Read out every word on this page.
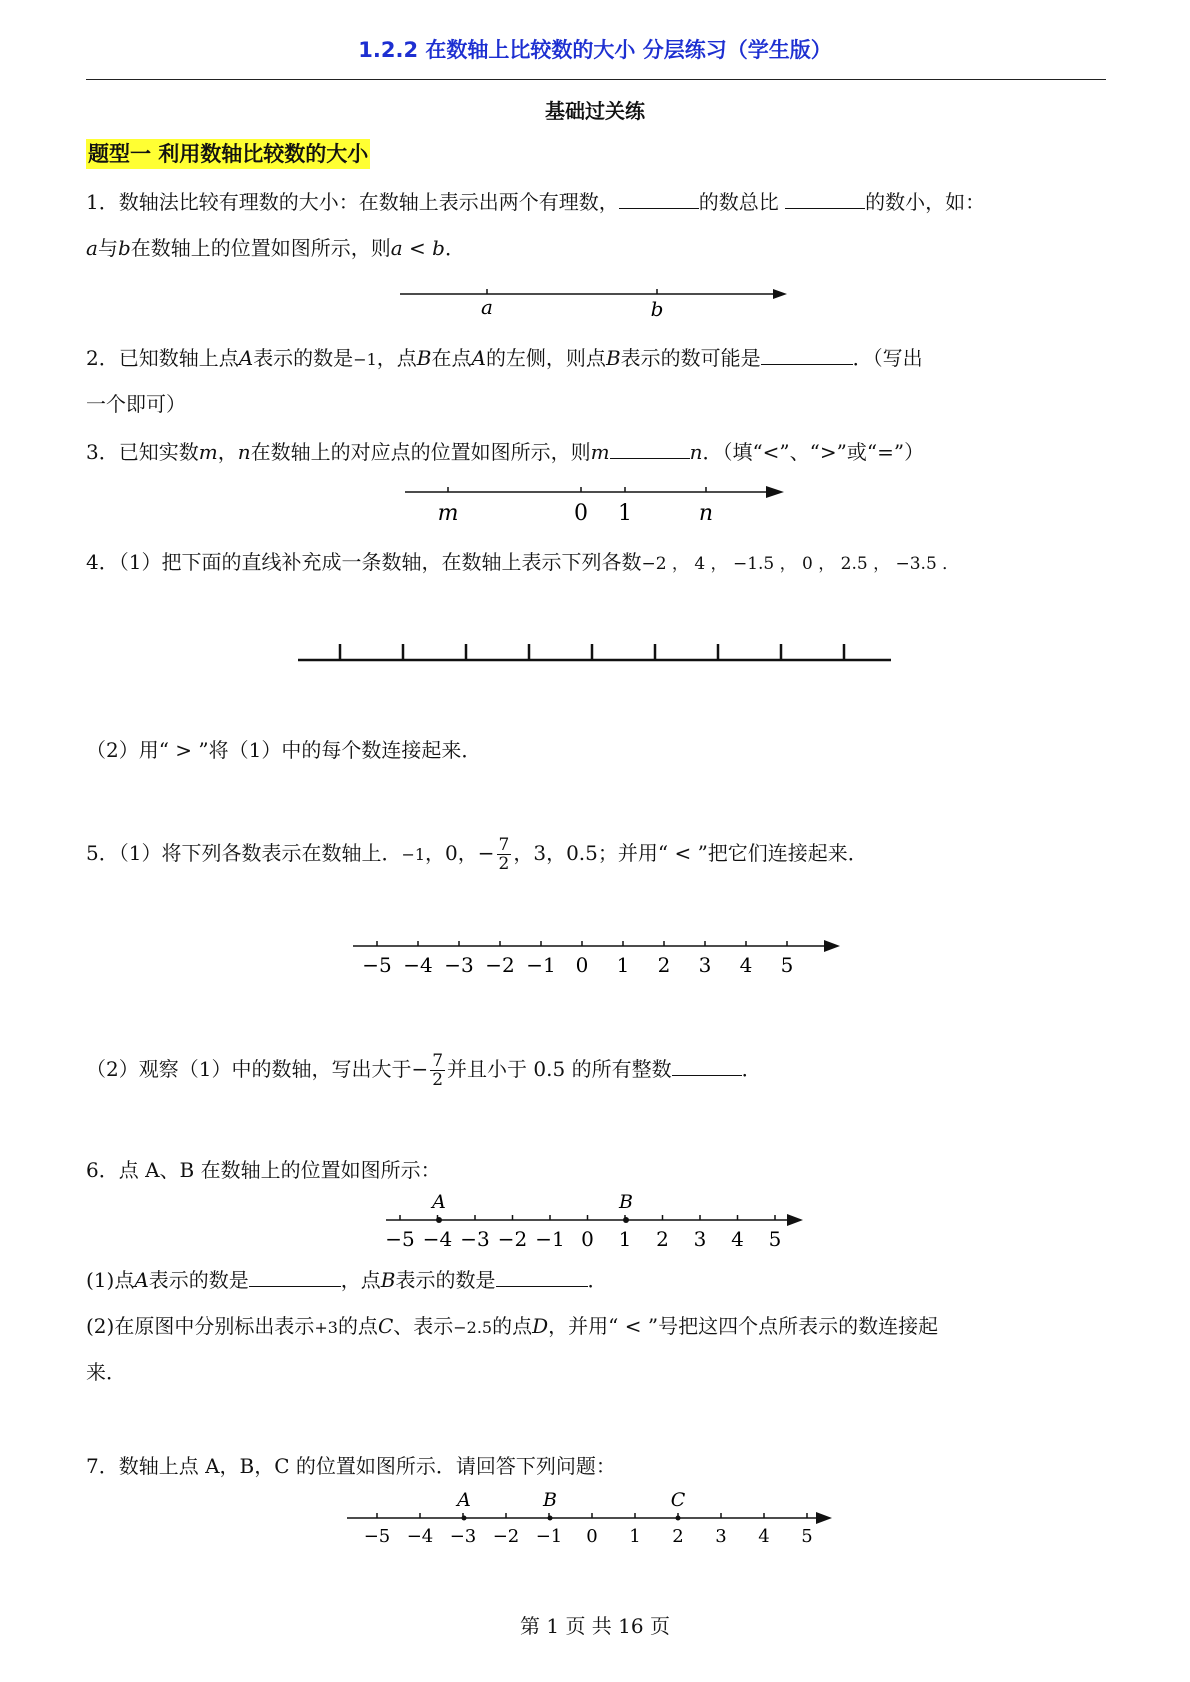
1.2.2 在数轴上比较数的大小 分层练习（学生版）
基础过关练
题型一 利用数轴比较数的大小
1．数轴法比较有理数的大小：在数轴上表示出两个有理数，	的数总比	的数小，如：
a与b在数轴上的位置如图所示，则a < b．
a	b
2．已知数轴上点A表示的数是−1，点B在点A的左侧，则点B表示的数可能是	．（写出
一个即可）
3．已知实数m，n在数轴上的对应点的位置如图所示，则m	n．（填“<”、“>”或“=”）
m	0 1	n
4．（1）把下面的直线补充成一条数轴，在数轴上表示下列各数−2 ， 4 ， −1.5 ， 0 ， 2.5 ， −3.5 ．
（2）用“ > ”将（1）中的每个数连接起来．
5．（1）将下列各数表示在数轴上．−1，0，− $\frac{7}{2}$ ，3，0.5；并用“ < ”把它们连接起来．
−5 −4 −3 −2 −1 0 1 2 3 4 5
（2）观察（1）中的数轴，写出大于− $\frac{7}{2}$ 并且小于 0.5 的所有整数	．
6．点 A、B 在数轴上的位置如图所示：
−5 −4 −3 −2 −1 0 1 2 3 4 5
A	B
(1)点A表示的数是	，点B表示的数是	．
(2)在原图中分别标出表示+3的点C、表示−2.5的点D，并用“ < ”号把这四个点所表示的数连接起
来．
7．数轴上点 A，B，C 的位置如图所示．请回答下列问题：
−5 −4 −3 −2 −1 0 1 2 3 4 5
A	B	C
第 1 页 共 16 页
